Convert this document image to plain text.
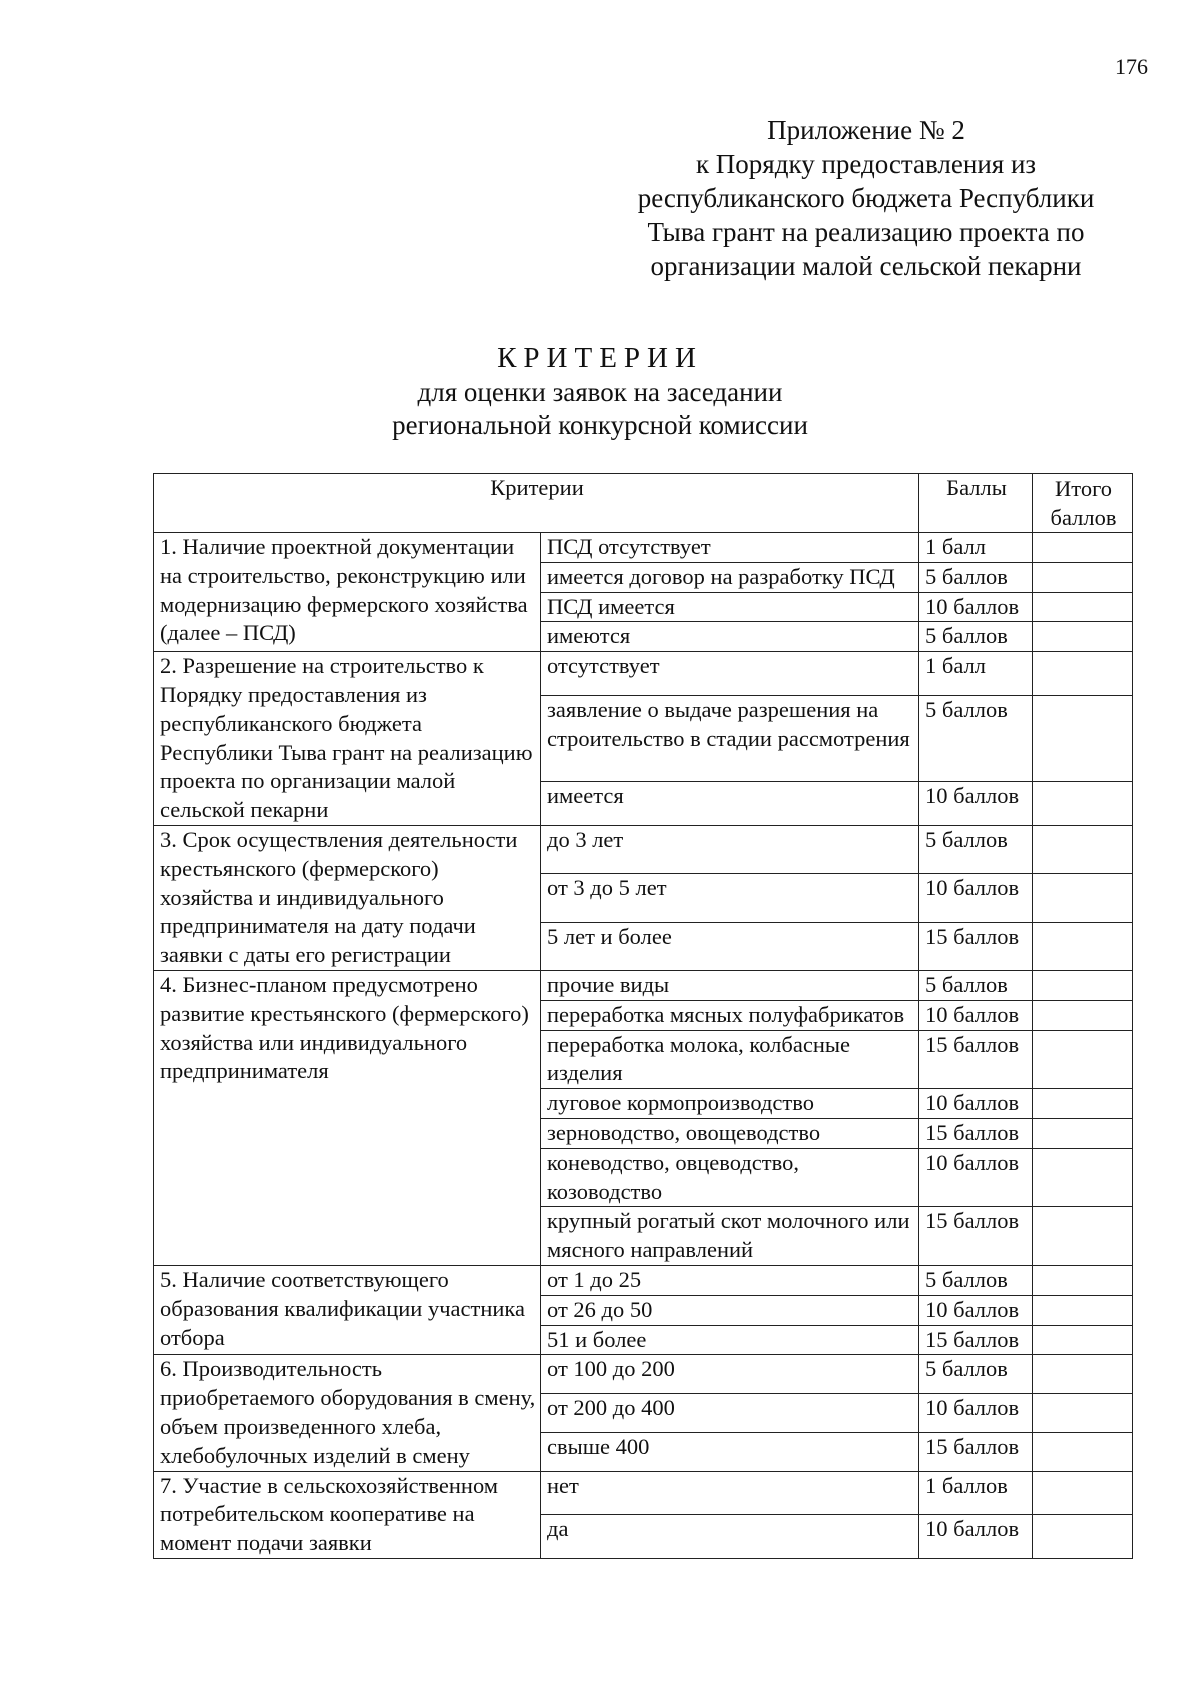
176
Приложение № 2
к Порядку предоставления из
республиканского бюджета Республики
Тыва грант на реализацию проекта по
организации малой сельской пекарни
КРИТЕРИИ
для оценки заявок на заседании
региональной конкурсной комиссии
Критерии		Баллы	Итого баллов
1. Наличие проектной документации на строительство, реконструкцию или модернизацию фермерского хозяйства (далее – ПСД)	ПСД отсутствует	1 балл	
	имеется договор на разработку ПСД	5 баллов	
	ПСД имеется	10 баллов	
	имеются	5 баллов	
2. Разрешение на строительство к Порядку предоставления из республиканского бюджета Республики Тыва грант на реализацию проекта по организации малой сельской пекарни	отсутствует	1 балл	
	заявление о выдаче разрешения на строительство в стадии рассмотрения	5 баллов	
	имеется	10 баллов	
3. Срок осуществления деятельности крестьянского (фермерского) хозяйства и индивидуального предпринимателя на дату подачи заявки с даты его регистрации	до 3 лет	5 баллов	
	от 3 до 5 лет	10 баллов	
	5 лет и более	15 баллов	
4. Бизнес-планом предусмотрено развитие крестьянского (фермерского) хозяйства или индивидуального предпринимателя	прочие виды	5 баллов	
	переработка мясных полуфабрикатов	10 баллов	
	переработка молока, колбасные изделия	15 баллов	
	луговое кормопроизводство	10 баллов	
	зерноводство, овощеводство	15 баллов	
	коневодство, овцеводство, козоводство	10 баллов	
	крупный рогатый скот молочного или мясного направлений	15 баллов	
5. Наличие соответствующего образования квалификации участника отбора	от 1 до 25	5 баллов	
	от 26 до 50	10 баллов	
	51 и более	15 баллов	
6. Производительность приобретаемого оборудования в смену, объем произведенного хлеба, хлебобулочных изделий в смену	от 100 до 200	5 баллов	
	от 200 до 400	10 баллов	
	свыше 400	15 баллов	
7. Участие в сельскохозяйственном потребительском кооперативе на момент подачи заявки	нет	1 баллов	
	да	10 баллов	
